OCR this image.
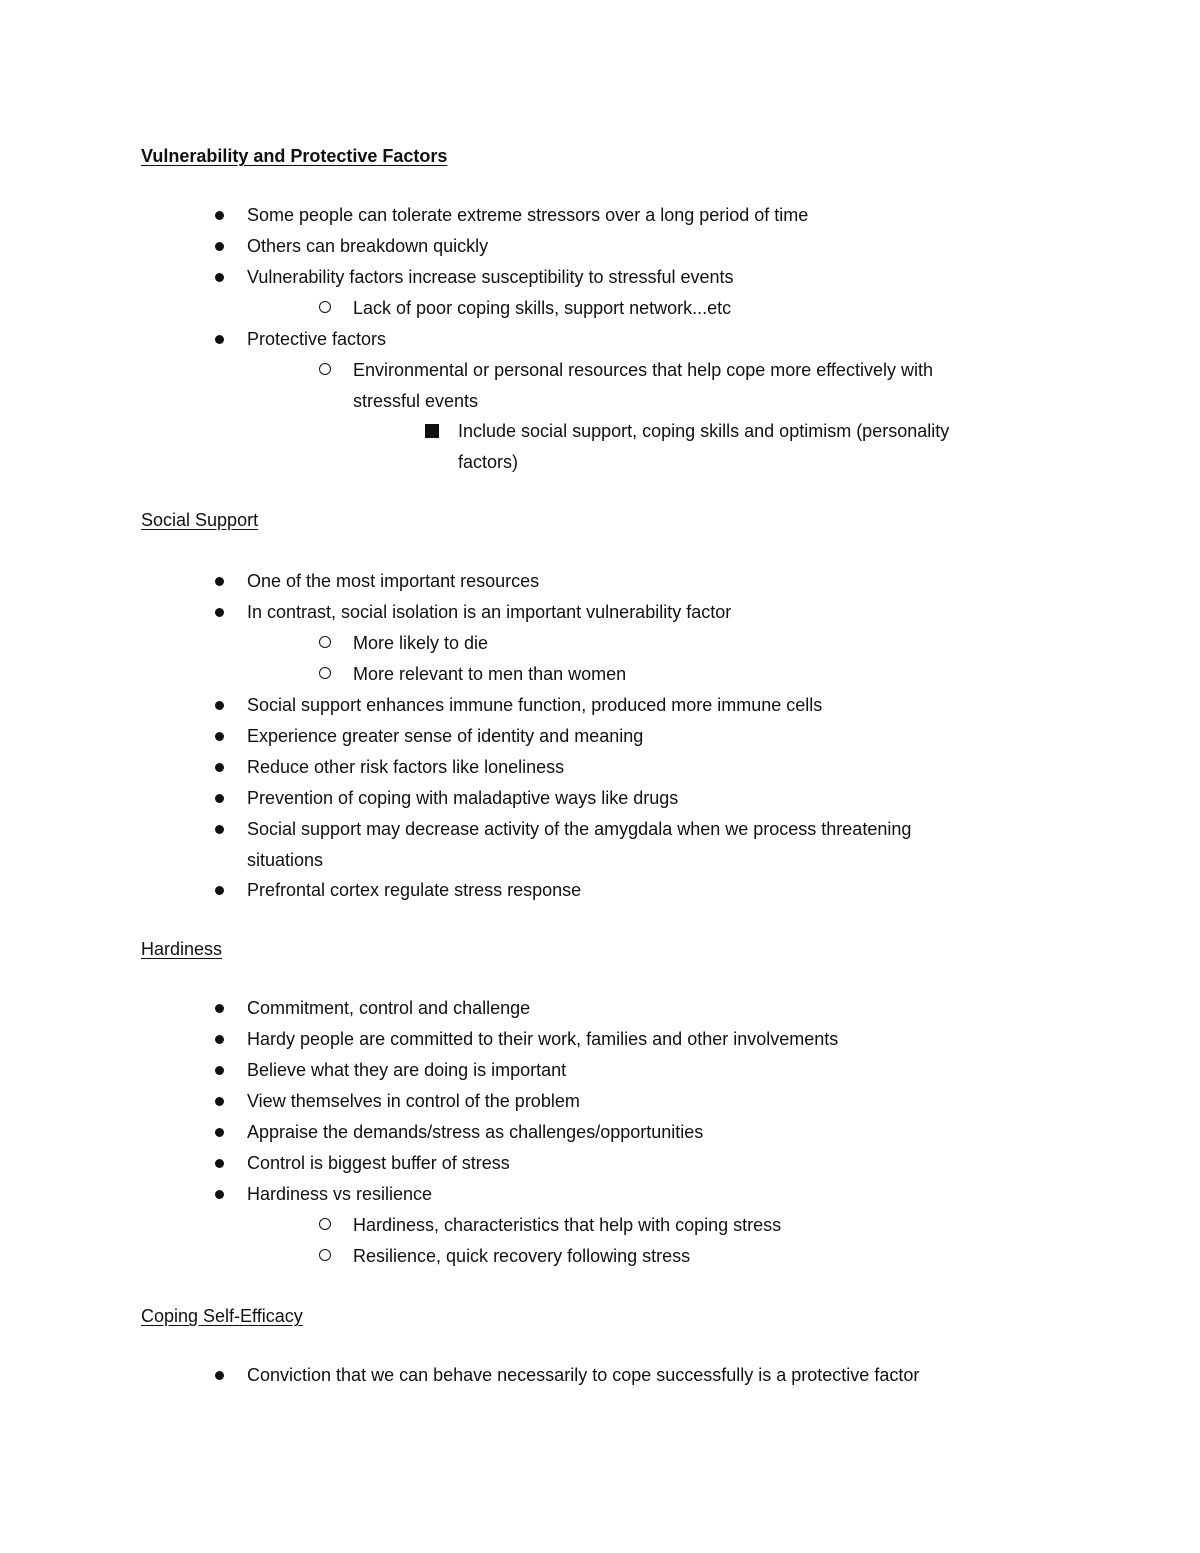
Vulnerability and Protective Factors
Some people can tolerate extreme stressors over a long period of time
Others can breakdown quickly
Vulnerability factors increase susceptibility to stressful events
Lack of poor coping skills, support network...etc
Protective factors
Environmental or personal resources that help cope more effectively with
stressful events
Include social support, coping skills and optimism (personality
factors)
Social Support
One of the most important resources
In contrast, social isolation is an important vulnerability factor
More likely to die
More relevant to men than women
Social support enhances immune function, produced more immune cells
Experience greater sense of identity and meaning
Reduce other risk factors like loneliness
Prevention of coping with maladaptive ways like drugs
Social support may decrease activity of the amygdala when we process threatening
situations
Prefrontal cortex regulate stress response
Hardiness
Commitment, control and challenge
Hardy people are committed to their work, families and other involvements
Believe what they are doing is important
View themselves in control of the problem
Appraise the demands/stress as challenges/opportunities
Control is biggest buffer of stress
Hardiness vs resilience
Hardiness, characteristics that help with coping stress
Resilience, quick recovery following stress
Coping Self-Efficacy
Conviction that we can behave necessarily to cope successfully is a protective factor
